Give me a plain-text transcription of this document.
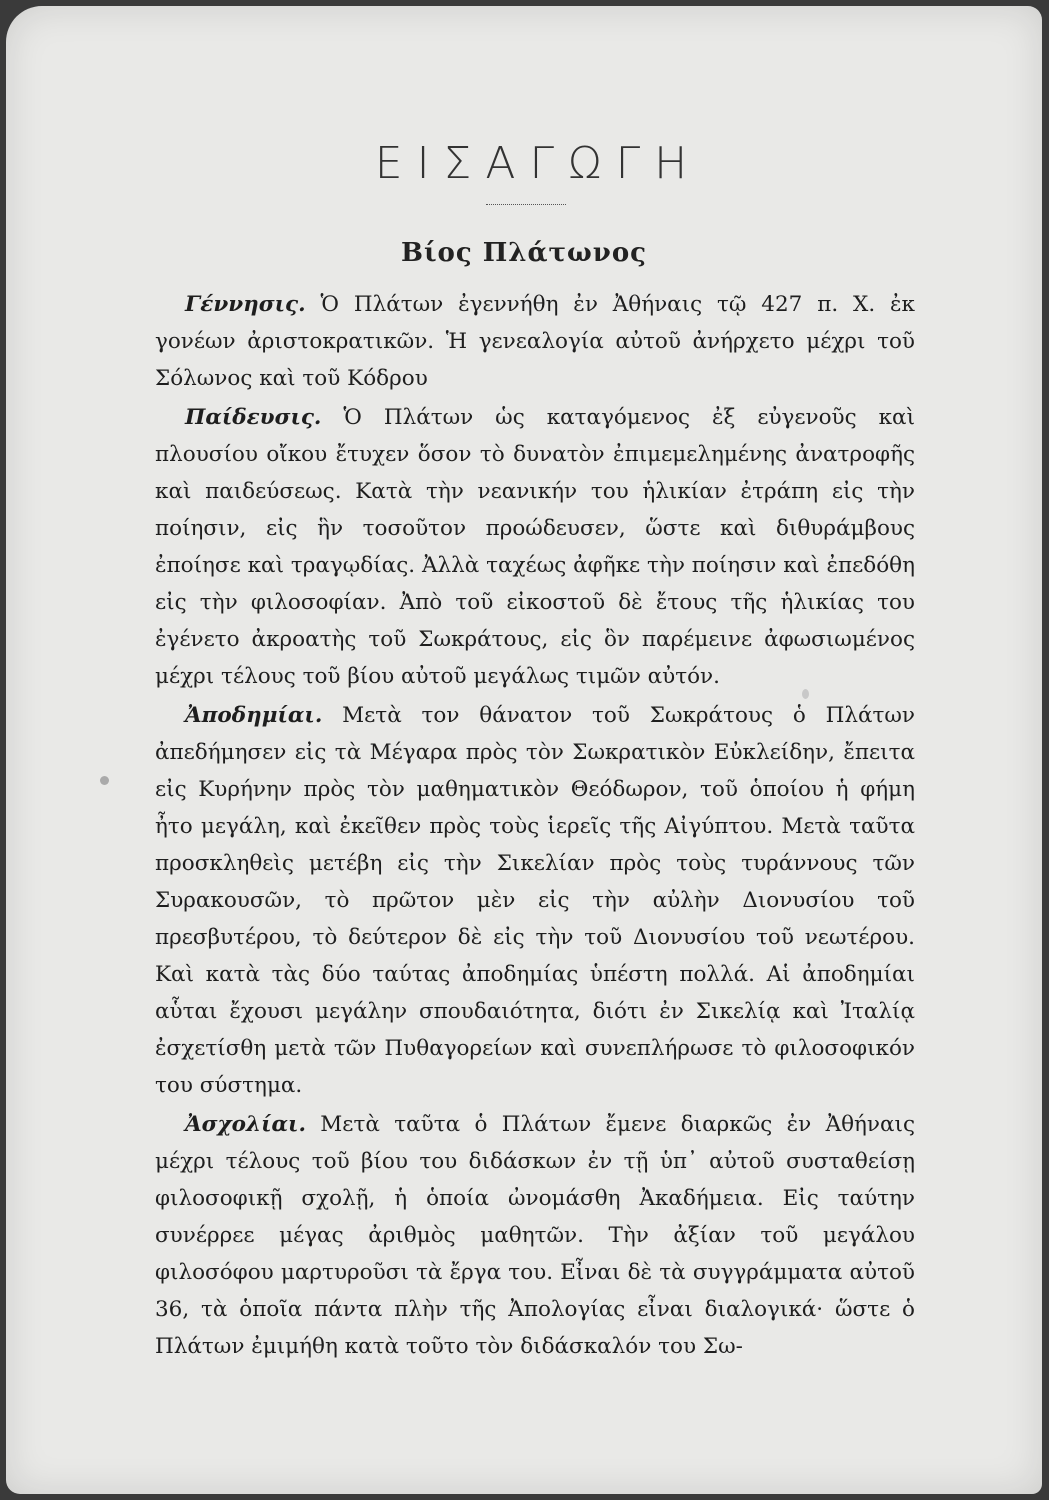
ΕΙΣΑΓΩΓΗ
Βίος Πλάτωνος

Γέννησις. Ὁ Πλάτων ἐγεννήθη ἐν Ἀθήναις τῷ 427 π. Χ. ἐκ γονέων ἀριστοκρατικῶν. Ἡ γενεαλογία αὐτοῦ ἀνήρχετο μέχρι τοῦ Σόλωνος καὶ τοῦ Κόδρου

Παίδευσις. Ὁ Πλάτων ὡς καταγόμενος ἐξ εὐγενοῦς καὶ πλουσίου οἴκου ἔτυχεν ὅσον τὸ δυνατὸν ἐπιμεμελημένης ἀνατροφῆς καὶ παιδεύσεως. Κατὰ τὴν νεανικήν του ἡλικίαν ἐτράπη εἰς τὴν ποίησιν, εἰς ἣν τοσοῦτον προώδευσεν, ὥστε καὶ διθυράμβους ἐποίησε καὶ τραγῳδίας. Ἀλλὰ ταχέως ἀφῆκε τὴν ποίησιν καὶ ἐπεδόθη εἰς τὴν φιλοσοφίαν. Ἀπὸ τοῦ εἰκοστοῦ δὲ ἔτους τῆς ἡλικίας του ἐγένετο ἀκροατὴς τοῦ Σωκράτους, εἰς ὃν παρέμεινε ἀφωσιωμένος μέχρι τέλους τοῦ βίου αὐτοῦ μεγάλως τιμῶν αὐτόν.

Ἀποδημίαι. Μετὰ τον θάνατον τοῦ Σωκράτους ὁ Πλάτων ἀπεδήμησεν εἰς τὰ Μέγαρα πρὸς τὸν Σωκρατικὸν Εὐκλείδην, ἔπειτα εἰς Κυρήνην πρὸς τὸν μαθηματικὸν Θεόδωρον, τοῦ ὁποίου ἡ φήμη ἦτο μεγάλη, καὶ ἐκεῖθεν πρὸς τοὺς ἱερεῖς τῆς Αἰγύπτου. Μετὰ ταῦτα προσκληθεὶς μετέβη εἰς τὴν Σικελίαν πρὸς τοὺς τυράννους τῶν Συρακουσῶν, τὸ πρῶτον μὲν εἰς τὴν αὐλὴν Διονυσίου τοῦ πρεσβυτέρου, τὸ δεύτερον δὲ εἰς τὴν τοῦ Διονυσίου τοῦ νεωτέρου. Καὶ κατὰ τὰς δύο ταύτας ἀποδημίας ὑπέστη πολλά. Αἱ ἀποδημίαι αὗται ἔχουσι μεγάλην σπουδαιότητα, διότι ἐν Σικελίᾳ καὶ Ἰταλίᾳ ἐσχετίσθη μετὰ τῶν Πυθαγορείων καὶ συνεπλήρωσε τὸ φιλοσοφικόν του σύστημα.

Ἀσχολίαι. Μετὰ ταῦτα ὁ Πλάτων ἔμενε διαρκῶς ἐν Ἀθήναις μέχρι τέλους τοῦ βίου του διδάσκων ἐν τῇ ὑπ᾽ αὐτοῦ συσταθείσῃ φιλοσοφικῇ σχολῇ, ἡ ὁποία ὠνομάσθη Ἀκαδήμεια. Εἰς ταύτην συνέρρεε μέγας ἀριθμὸς μαθητῶν. Τὴν ἀξίαν τοῦ μεγάλου φιλοσόφου μαρτυροῦσι τὰ ἔργα του. Εἶναι δὲ τὰ συγγράμματα αὐτοῦ 36, τὰ ὁποῖα πάντα πλὴν τῆς Ἀπολογίας εἶναι διαλογικά· ὥστε ὁ Πλάτων ἐμιμήθη κατὰ τοῦτο τὸν διδάσκαλόν του Σω-
